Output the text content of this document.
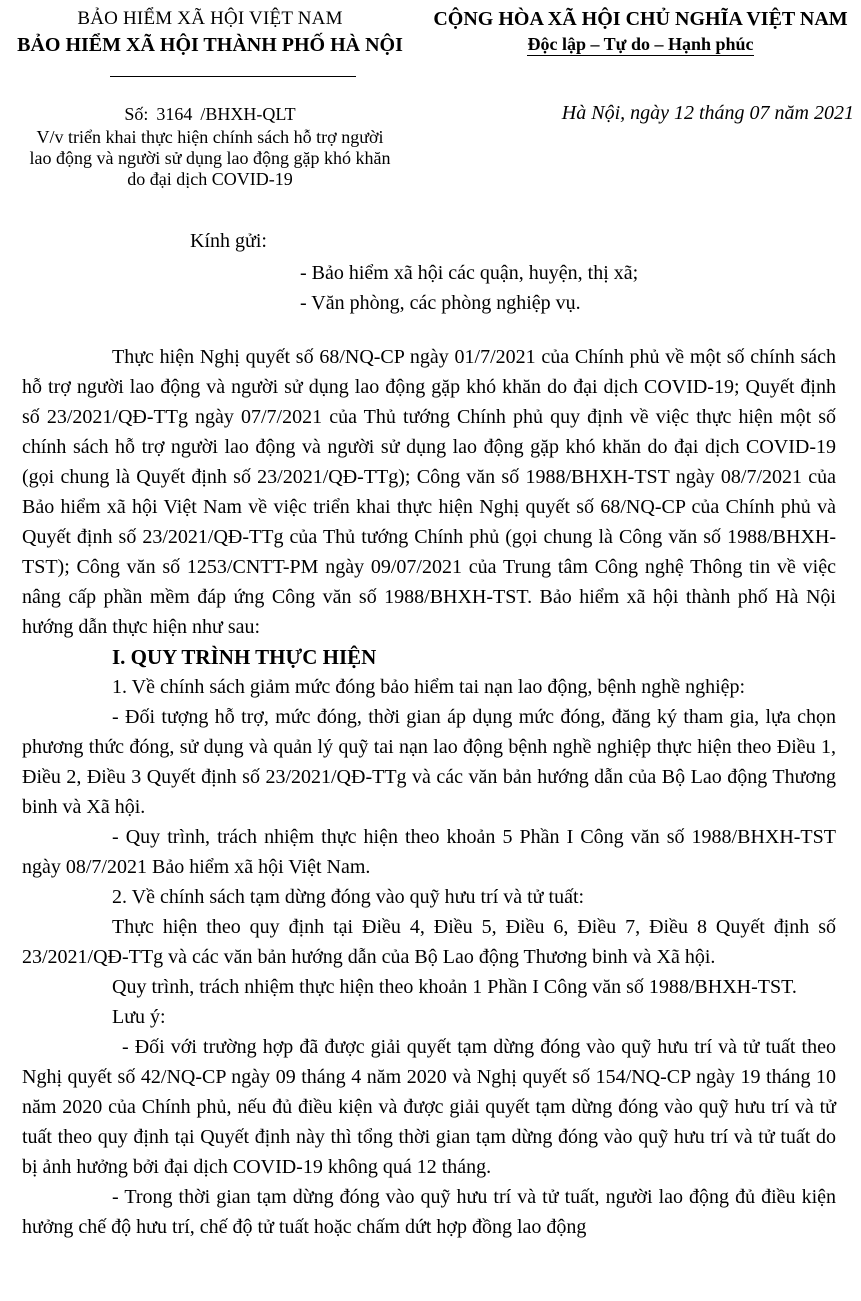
BẢO HIỂM XÃ HỘI VIỆT NAM
BẢO HIỂM XÃ HỘI THÀNH PHỐ HÀ NỘI
CỘNG HÒA XÃ HỘI CHỦ NGHĨA VIỆT NAM
Độc lập – Tự do – Hạnh phúc
Số: 3164 /BHXH-QLT	Hà Nội, ngày 12 tháng 07 năm 2021
V/v triển khai thực hiện chính sách hỗ trợ người
lao động và người sử dụng lao động gặp khó khăn
do đại dịch COVID-19
Kính gửi:
- Bảo hiểm xã hội các quận, huyện, thị xã;
- Văn phòng, các phòng nghiệp vụ.

Thực hiện Nghị quyết số 68/NQ-CP ngày 01/7/2021 của Chính phủ về một số chính sách hỗ trợ người lao động và người sử dụng lao động gặp khó khăn do đại dịch COVID-19; Quyết định số 23/2021/QĐ-TTg ngày 07/7/2021 của Thủ tướng Chính phủ quy định về việc thực hiện một số chính sách hỗ trợ người lao động và người sử dụng lao động gặp khó khăn do đại dịch COVID-19 (gọi chung là Quyết định số 23/2021/QĐ-TTg); Công văn số 1988/BHXH-TST ngày 08/7/2021 của Bảo hiểm xã hội Việt Nam về việc triển khai thực hiện Nghị quyết số 68/NQ-CP của Chính phủ và Quyết định số 23/2021/QĐ-TTg của Thủ tướng Chính phủ (gọi chung là Công văn số 1988/BHXH-TST); Công văn số 1253/CNTT-PM ngày 09/07/2021 của Trung tâm Công nghệ Thông tin về việc nâng cấp phần mềm đáp ứng Công văn số 1988/BHXH-TST. Bảo hiểm xã hội thành phố Hà Nội hướng dẫn thực hiện như sau:

I. QUY TRÌNH THỰC HIỆN

1. Về chính sách giảm mức đóng bảo hiểm tai nạn lao động, bệnh nghề nghiệp:

- Đối tượng hỗ trợ, mức đóng, thời gian áp dụng mức đóng, đăng ký tham gia, lựa chọn phương thức đóng, sử dụng và quản lý quỹ tai nạn lao động bệnh nghề nghiệp thực hiện theo Điều 1, Điều 2, Điều 3 Quyết định số 23/2021/QĐ-TTg và các văn bản hướng dẫn của Bộ Lao động Thương binh và Xã hội.

- Quy trình, trách nhiệm thực hiện theo khoản 5 Phần I Công văn số 1988/BHXH-TST ngày 08/7/2021 Bảo hiểm xã hội Việt Nam.

2. Về chính sách tạm dừng đóng vào quỹ hưu trí và tử tuất:

Thực hiện theo quy định tại Điều 4, Điều 5, Điều 6, Điều 7, Điều 8 Quyết định số 23/2021/QĐ-TTg và các văn bản hướng dẫn của Bộ Lao động Thương binh và Xã hội.

Quy trình, trách nhiệm thực hiện theo khoản 1 Phần I Công văn số 1988/BHXH-TST.

Lưu ý:

- Đối với trường hợp đã được giải quyết tạm dừng đóng vào quỹ hưu trí và tử tuất theo Nghị quyết số 42/NQ-CP ngày 09 tháng 4 năm 2020 và Nghị quyết số 154/NQ-CP ngày 19 tháng 10 năm 2020 của Chính phủ, nếu đủ điều kiện và được giải quyết tạm dừng đóng vào quỹ hưu trí và tử tuất theo quy định tại Quyết định này thì tổng thời gian tạm dừng đóng vào quỹ hưu trí và tử tuất do bị ảnh hưởng bởi đại dịch COVID-19 không quá 12 tháng.

- Trong thời gian tạm dừng đóng vào quỹ hưu trí và tử tuất, người lao động đủ điều kiện hưởng chế độ hưu trí, chế độ tử tuất hoặc chấm dứt hợp đồng lao động
